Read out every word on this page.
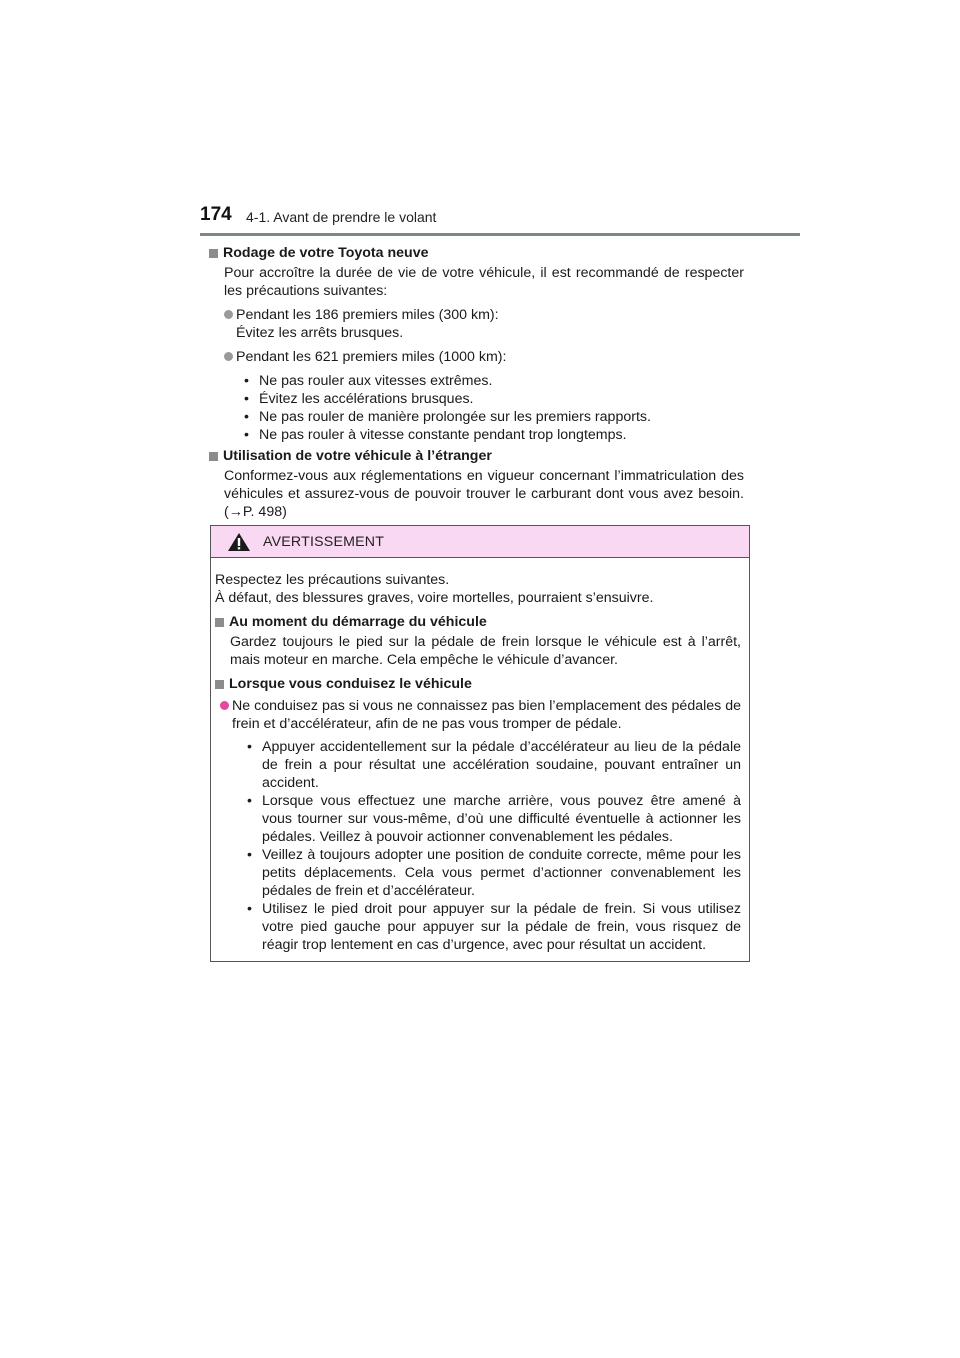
174 4-1. Avant de prendre le volant
Rodage de votre Toyota neuve
Pour accroître la durée de vie de votre véhicule, il est recommandé de respecter les précautions suivantes:
Pendant les 186 premiers miles (300 km):
Évitez les arrêts brusques.
Pendant les 621 premiers miles (1000 km):
• Ne pas rouler aux vitesses extrêmes.
• Évitez les accélérations brusques.
• Ne pas rouler de manière prolongée sur les premiers rapports.
• Ne pas rouler à vitesse constante pendant trop longtemps.
Utilisation de votre véhicule à l’étranger
Conformez-vous aux réglementations en vigueur concernant l’immatriculation des véhicules et assurez-vous de pouvoir trouver le carburant dont vous avez besoin. (→P. 498)
AVERTISSEMENT
Respectez les précautions suivantes.
À défaut, des blessures graves, voire mortelles, pourraient s’ensuivre.
Au moment du démarrage du véhicule
Gardez toujours le pied sur la pédale de frein lorsque le véhicule est à l’arrêt, mais moteur en marche. Cela empêche le véhicule d’avancer.
Lorsque vous conduisez le véhicule
Ne conduisez pas si vous ne connaissez pas bien l’emplacement des pédales de frein et d’accélérateur, afin de ne pas vous tromper de pédale.
• Appuyer accidentellement sur la pédale d’accélérateur au lieu de la pédale de frein a pour résultat une accélération soudaine, pouvant entraîner un accident.
• Lorsque vous effectuez une marche arrière, vous pouvez être amené à vous tourner sur vous-même, d’où une difficulté éventuelle à actionner les pédales. Veillez à pouvoir actionner convenablement les pédales.
• Veillez à toujours adopter une position de conduite correcte, même pour les petits déplacements. Cela vous permet d’actionner convenablement les pédales de frein et d’accélérateur.
• Utilisez le pied droit pour appuyer sur la pédale de frein. Si vous utilisez votre pied gauche pour appuyer sur la pédale de frein, vous risquez de réagir trop lentement en cas d’urgence, avec pour résultat un accident.
